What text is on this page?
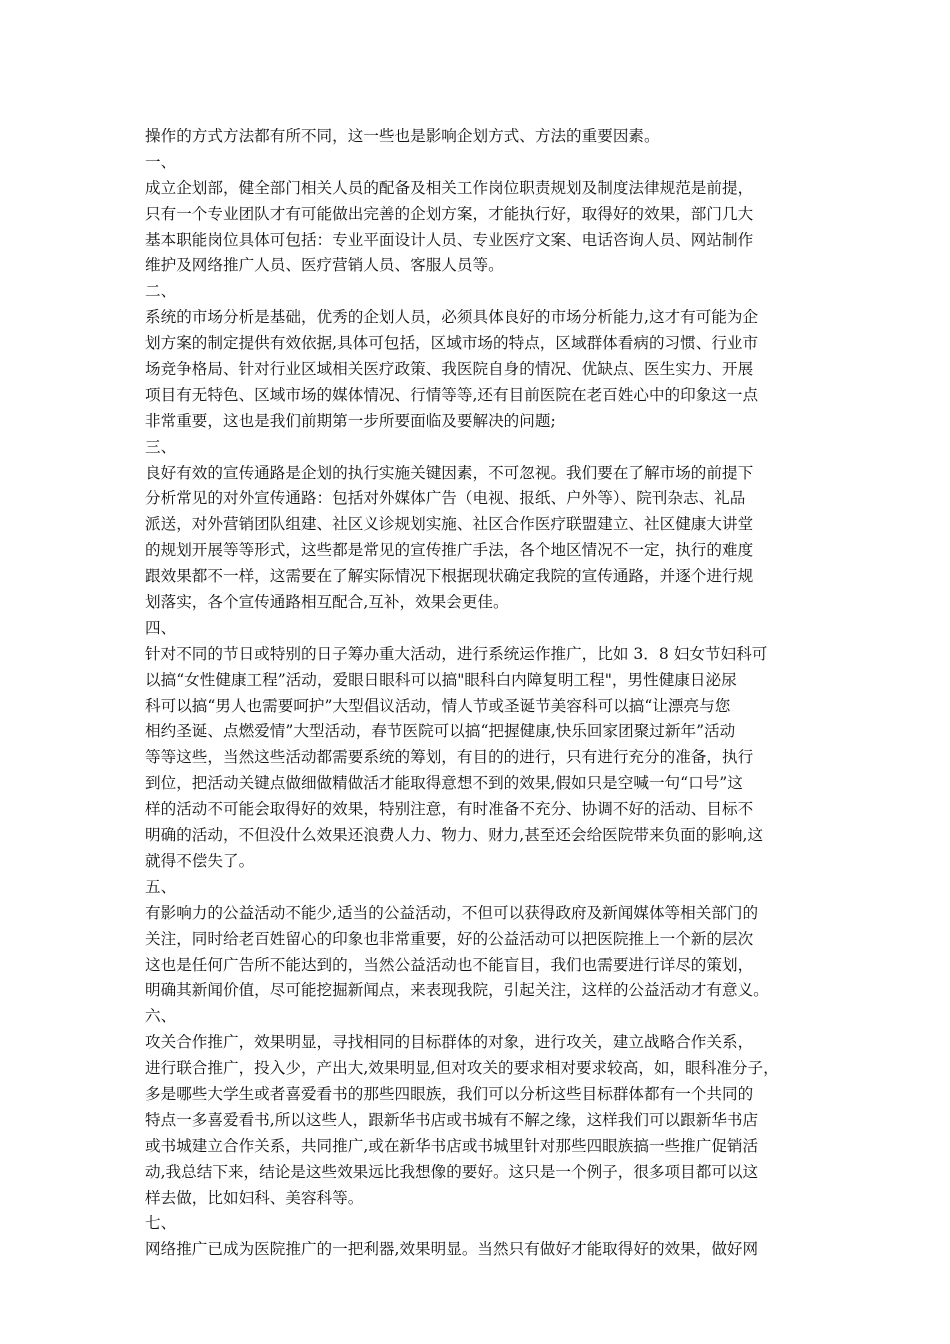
操作的方式方法都有所不同，这一些也是影响企划方式、方法的重要因素。
一、
成立企划部，健全部门相关人员的配备及相关工作岗位职责规划及制度法律规范是前提，
只有一个专业团队才有可能做出完善的企划方案，才能执行好，取得好的效果，部门几大
基本职能岗位具体可包括：专业平面设计人员、专业医疗文案、电话咨询人员、网站制作
维护及网络推广人员、医疗营销人员、客服人员等。
二、
系统的市场分析是基础，优秀的企划人员，必须具体良好的市场分析能力,这才有可能为企
划方案的制定提供有效依据,具体可包括，区域市场的特点，区域群体看病的习惯、行业市
场竞争格局、针对行业区域相关医疗政策、我医院自身的情况、优缺点、医生实力、开展
项目有无特色、区域市场的媒体情况、行情等等,还有目前医院在老百姓心中的印象这一点
非常重要，这也是我们前期第一步所要面临及要解决的问题;
三、
良好有效的宣传通路是企划的执行实施关键因素，不可忽视。我们要在了解市场的前提下
分析常见的对外宣传通路：包括对外媒体广告（电视、报纸、户外等）、院刊杂志、礼品
派送，对外营销团队组建、社区义诊规划实施、社区合作医疗联盟建立、社区健康大讲堂
的规划开展等等形式，这些都是常见的宣传推广手法，各个地区情况不一定，执行的难度
跟效果都不一样，这需要在了解实际情况下根据现状确定我院的宣传通路，并逐个进行规
划落实，各个宣传通路相互配合,互补，效果会更佳。
四、
针对不同的节日或特别的日子筹办重大活动，进行系统运作推广，比如 3．8 妇女节妇科可
以搞“女性健康工程”活动，爱眼日眼科可以搞"眼科白内障复明工程"，男性健康日泌尿
科可以搞“男人也需要呵护”大型倡议活动，情人节或圣诞节美容科可以搞“让漂亮与您
相约圣诞、点燃爱情”大型活动，春节医院可以搞“把握健康,快乐回家团聚过新年”活动
等等这些，当然这些活动都需要系统的筹划，有目的的进行，只有进行充分的准备，执行
到位，把活动关键点做细做精做活才能取得意想不到的效果,假如只是空喊一句“口号”这
样的活动不可能会取得好的效果，特别注意，有时准备不充分、协调不好的活动、目标不
明确的活动，不但没什么效果还浪费人力、物力、财力,甚至还会给医院带来负面的影响,这
就得不偿失了。
五、
有影响力的公益活动不能少,适当的公益活动，不但可以获得政府及新闻媒体等相关部门的
关注，同时给老百姓留心的印象也非常重要，好的公益活动可以把医院推上一个新的层次
这也是任何广告所不能达到的，当然公益活动也不能盲目，我们也需要进行详尽的策划，
明确其新闻价值，尽可能挖掘新闻点，来表现我院，引起关注，这样的公益活动才有意义。
六、
攻关合作推广，效果明显，寻找相同的目标群体的对象，进行攻关，建立战略合作关系，
进行联合推广，投入少，产出大,效果明显,但对攻关的要求相对要求较高，如，眼科准分子，
多是哪些大学生或者喜爱看书的那些四眼族，我们可以分析这些目标群体都有一个共同的
特点一多喜爱看书,所以这些人，跟新华书店或书城有不解之缘，这样我们可以跟新华书店
或书城建立合作关系，共同推广,或在新华书店或书城里针对那些四眼族搞一些推广促销活
动,我总结下来，结论是这些效果远比我想像的要好。这只是一个例子，很多项目都可以这
样去做，比如妇科、美容科等。
七、
网络推广已成为医院推广的一把利器,效果明显。当然只有做好才能取得好的效果，做好网
